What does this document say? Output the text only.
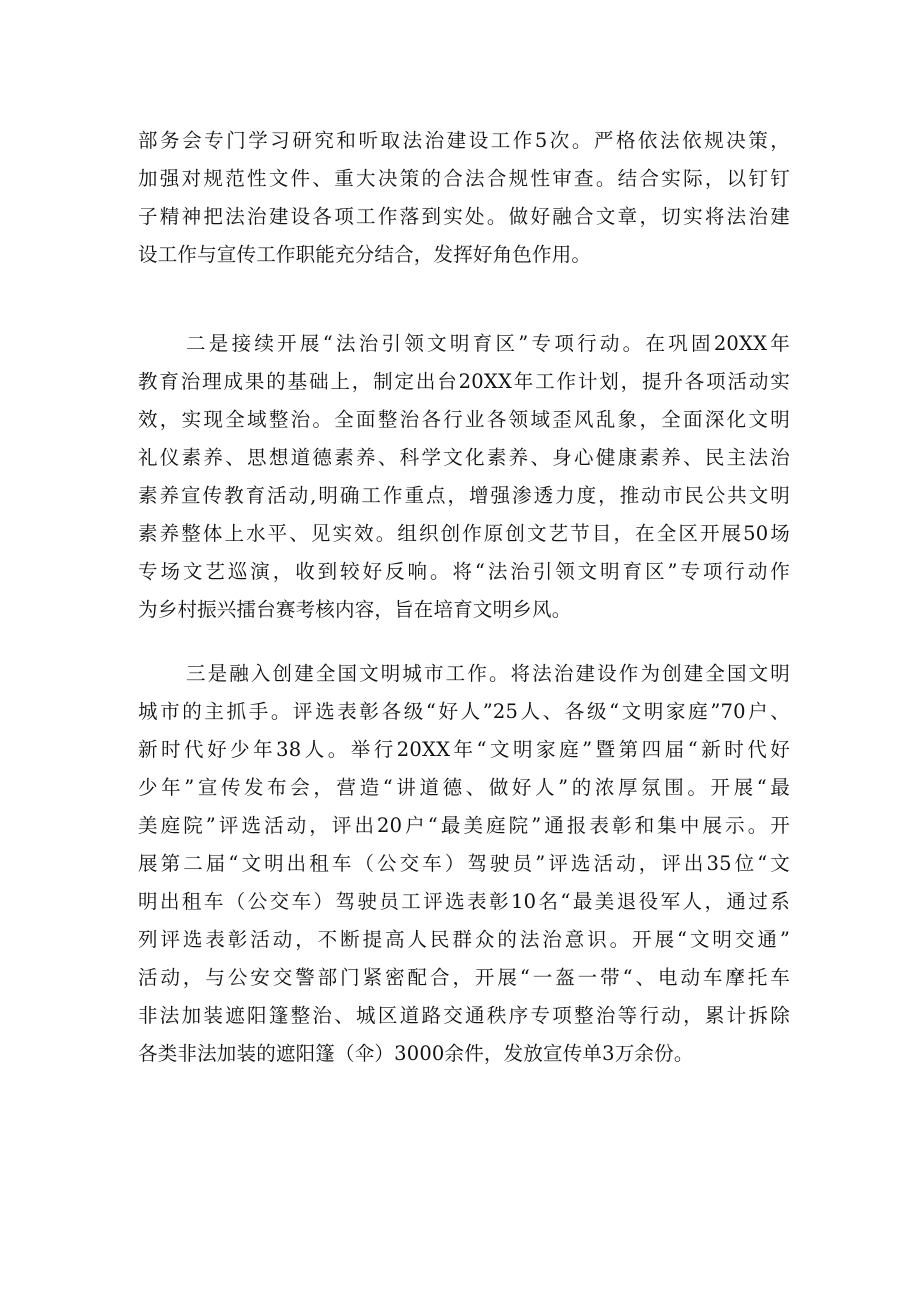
部务会专门学习研究和听取法治建设工作5次。严格依法依规决策，
加强对规范性文件、重大决策的合法合规性审查。结合实际，以钉钉
子精神把法治建设各项工作落到实处。做好融合文章，切实将法治建
设工作与宣传工作职能充分结合，发挥好角色作用。
二是接续开展“法治引领文明育区”专项行动。在巩固20XX年
教育治理成果的基础上，制定出台20XX年工作计划，提升各项活动实
效，实现全域整治。全面整治各行业各领域歪风乱象，全面深化文明
礼仪素养、思想道德素养、科学文化素养、身心健康素养、民主法治
素养宣传教育活动,明确工作重点，增强渗透力度，推动市民公共文明
素养整体上水平、见实效。组织创作原创文艺节目，在全区开展50场
专场文艺巡演，收到较好反响。将“法治引领文明育区”专项行动作
为乡村振兴擂台赛考核内容，旨在培育文明乡风。
三是融入创建全国文明城市工作。将法治建设作为创建全国文明
城市的主抓手。评选表彰各级“好人”25人、各级“文明家庭”70户、
新时代好少年38人。举行20XX年“文明家庭”暨第四届“新时代好
少年”宣传发布会，营造“讲道德、做好人”的浓厚氛围。开展“最
美庭院”评选活动，评出20户“最美庭院”通报表彰和集中展示。开
展第二届“文明出租车（公交车）驾驶员”评选活动，评出35位“文
明出租车（公交车）驾驶员工评选表彰10名“最美退役军人，通过系
列评选表彰活动，不断提高人民群众的法治意识。开展“文明交通”
活动，与公安交警部门紧密配合，开展“一盔一带“、电动车摩托车
非法加装遮阳篷整治、城区道路交通秩序专项整治等行动，累计拆除
各类非法加装的遮阳篷（伞）3000余件，发放宣传单3万余份。
